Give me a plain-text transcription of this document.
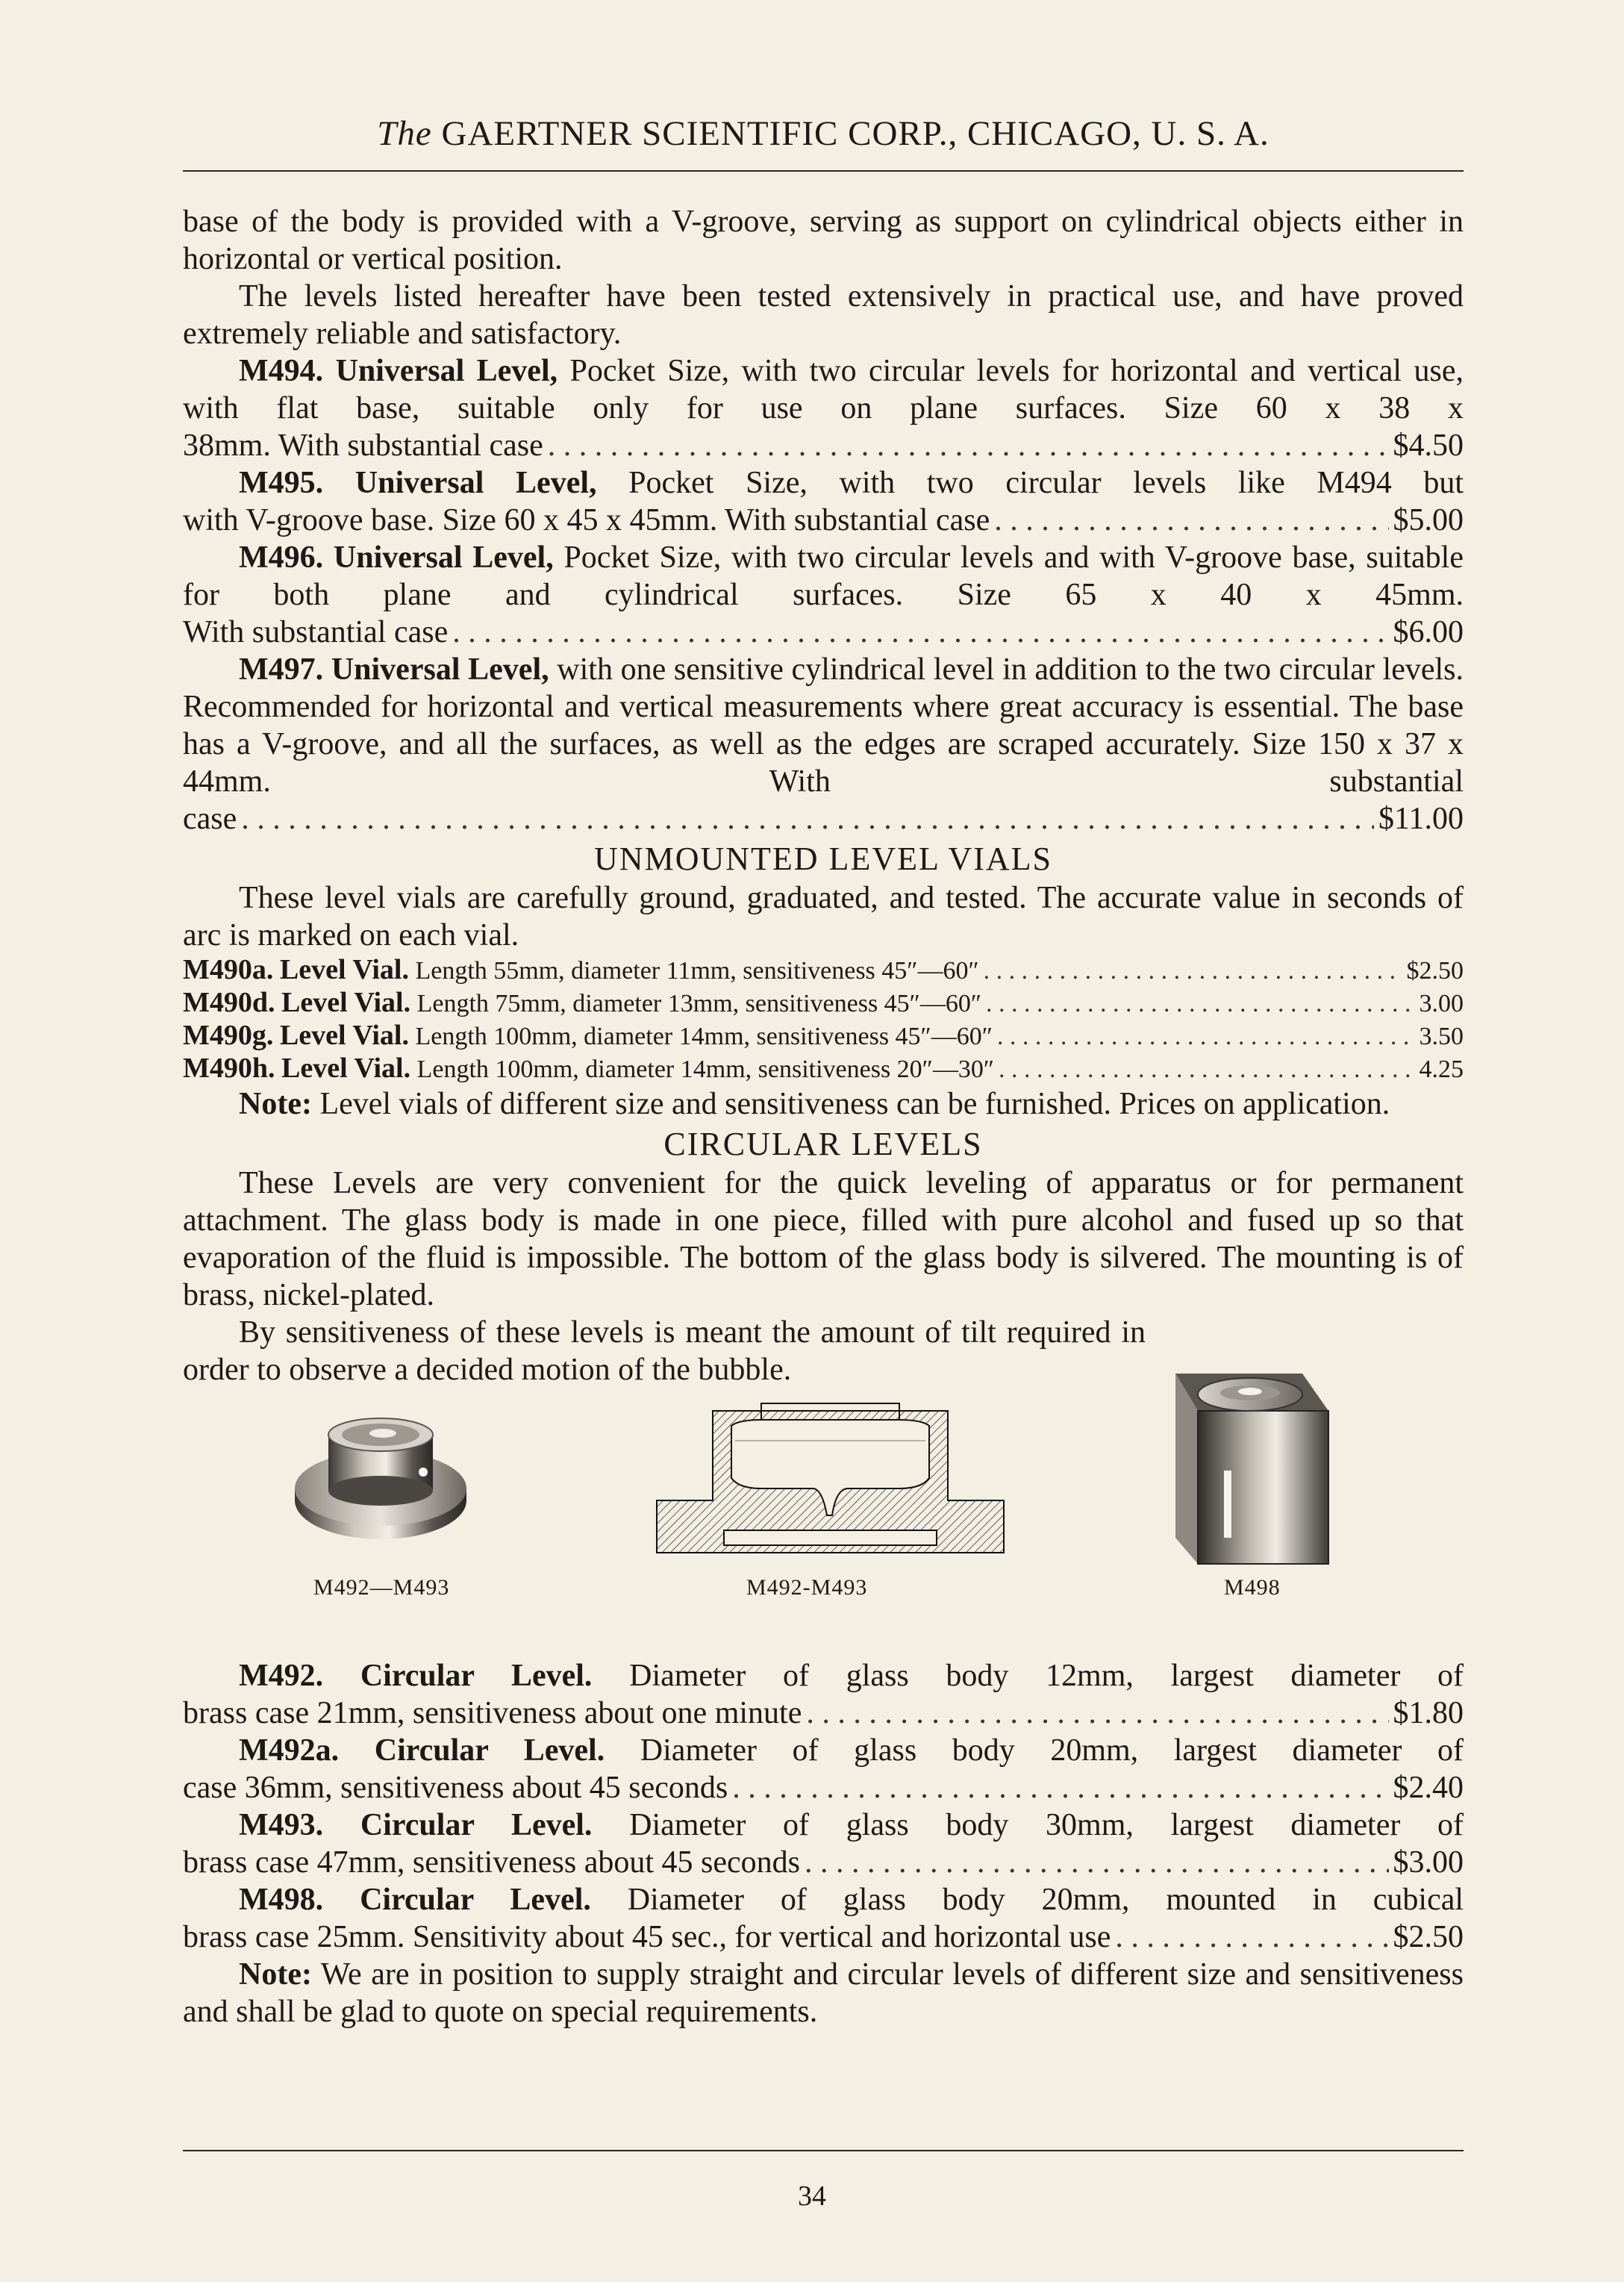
The GAERTNER SCIENTIFIC CORP., CHICAGO, U. S. A.

base of the body is provided with a V-groove, serving as support on cylindrical objects either in horizontal or vertical position.

The levels listed hereafter have been tested extensively in practical use, and have proved extremely reliable and satisfactory.

M494. Universal Level, Pocket Size, with two circular levels for horizontal and vertical use, with flat base, suitable only for use on plane surfaces. Size 60 x 38 x

38mm. With substantial case . . .	$4.50

M495. Universal Level, Pocket Size, with two circular levels like M494 but

with V-groove base. Size 60 x 45 x 45mm. With substantial case . . .	$5.00

M496. Universal Level, Pocket Size, with two circular levels and with V-groove base, suitable for both plane and cylindrical surfaces. Size 65 x 40 x 45mm.

With substantial case . . .	$6.00

M497. Universal Level, with one sensitive cylindrical level in addition to the two circular levels. Recommended for horizontal and vertical measurements where great accuracy is essential. The base has a V-groove, and all the surfaces, as well as the edges are scraped accurately. Size 150 x 37 x 44mm. With substantial

case . . .	$11.00
UNMOUNTED LEVEL VIALS

These level vials are carefully ground, graduated, and tested. The accurate value in seconds of arc is marked on each vial.

M490a. Level Vial. Length 55mm, diameter 11mm, sensitiveness 45″—60″ . . .	$2.50
M490d. Level Vial. Length 75mm, diameter 13mm, sensitiveness 45″—60″ . . .	3.00
M490g. Level Vial. Length 100mm, diameter 14mm, sensitiveness 45″—60″ . . .	3.50
M490h. Level Vial. Length 100mm, diameter 14mm, sensitiveness 20″—30″ . . .	4.25

Note: Level vials of different size and sensitiveness can be furnished. Prices on application.

CIRCULAR LEVELS

These Levels are very convenient for the quick leveling of apparatus or for permanent attachment. The glass body is made in one piece, filled with pure alcohol and fused up so that evaporation of the fluid is impossible. The bottom of the glass body is silvered. The mounting is of brass, nickel-plated.

By sensitiveness of these levels is meant the amount of tilt required in order to observe a decided motion of the bubble.

M492—M493	M492-M493	M498

M492. Circular Level. Diameter of glass body 12mm, largest diameter of

brass case 21mm, sensitiveness about one minute . . .	$1.80

M492a. Circular Level. Diameter of glass body 20mm, largest diameter of

case 36mm, sensitiveness about 45 seconds . . .	$2.40

M493. Circular Level. Diameter of glass body 30mm, largest diameter of

brass case 47mm, sensitiveness about 45 seconds . . .	$3.00

M498. Circular Level. Diameter of glass body 20mm, mounted in cubical

brass case 25mm. Sensitivity about 45 sec., for vertical and horizontal use . . .	$2.50

Note: We are in position to supply straight and circular levels of different size and sensitiveness and shall be glad to quote on special requirements.

34
